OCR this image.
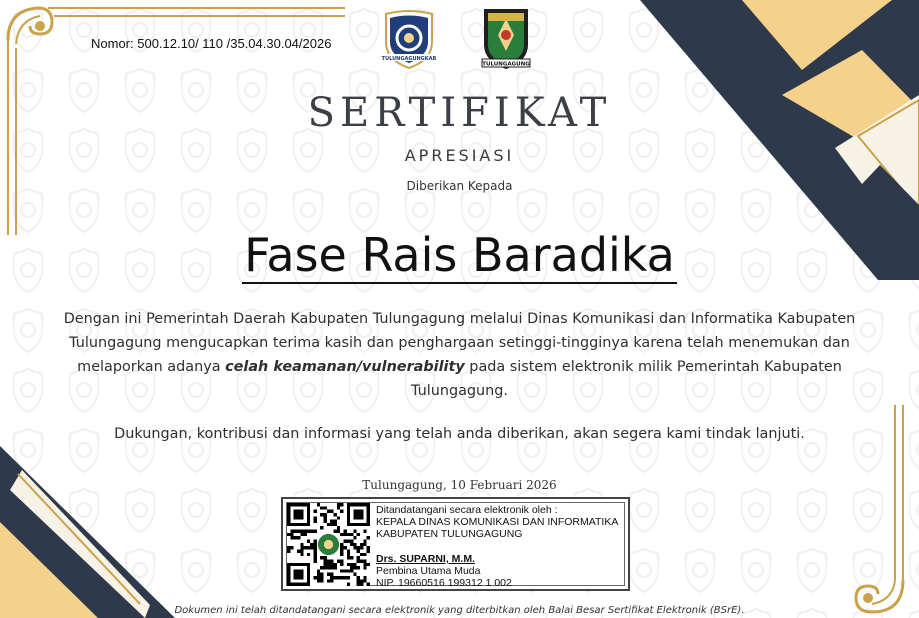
Nomor: 500.12.10/ 110 /35.04.30.04/2026
TULUNGAGUNGKAB
TULUNGAGUNG
SERTIFIKAT
APRESIASI
Diberikan Kepada
Fase Rais Baradika
Dengan ini Pemerintah Daerah Kabupaten Tulungagung melalui Dinas Komunikasi dan Informatika Kabupaten Tulungagung mengucapkan terima kasih dan penghargaan setinggi-tingginya karena telah menemukan dan melaporkan adanya celah keamanan/vulnerability pada sistem elektronik milik Pemerintah Kabupaten Tulungagung.
Dukungan, kontribusi dan informasi yang telah anda diberikan, akan segera kami tindak lanjuti.
Tulungagung, 10 Februari 2026
Ditandatangani secara elektronik oleh :
KEPALA DINAS KOMUNIKASI DAN INFORMATIKA
KABUPATEN TULUNGAGUNG
Drs. SUPARNI, M.M.
Pembina Utama Muda
NIP. 19660516 199312 1 002
Dokumen ini telah ditandatangani secara elektronik yang diterbitkan oleh Balai Besar Sertifikat Elektronik (BSrE).
